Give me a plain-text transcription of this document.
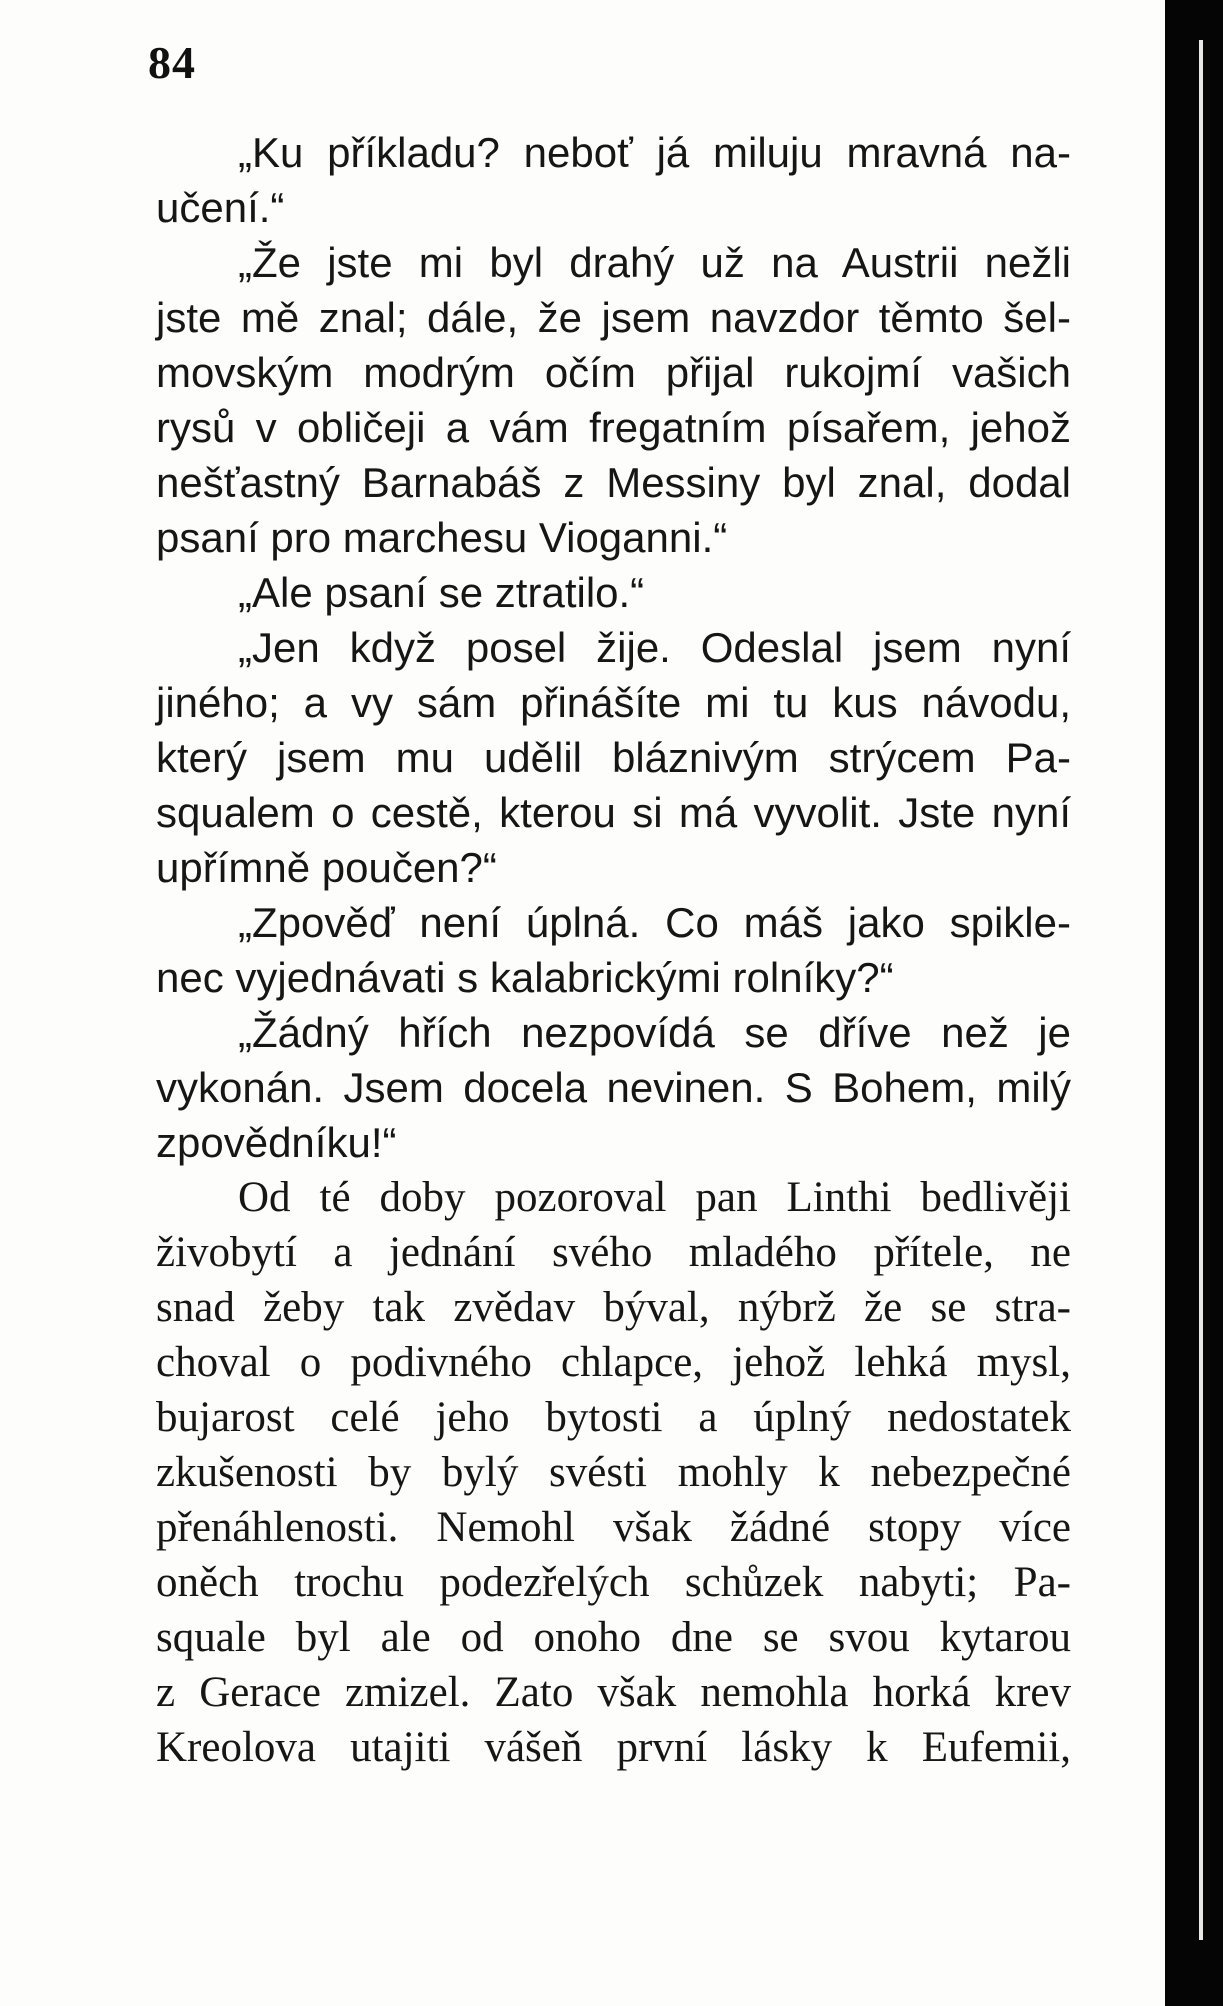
84
„Ku příkladu? neboť já miluju mravná na-
učení.“
„Že jste mi byl drahý už na Austrii nežli
jste mě znal; dále, že jsem navzdor těmto šel-
movským modrým očím přijal rukojmí vašich
rysů v obličeji a vám fregatním písařem, jehož
nešťastný Barnabáš z Messiny byl znal, dodal
psaní pro marchesu Vioganni.“
„Ale psaní se ztratilo.“
„Jen když posel žije. Odeslal jsem nyní
jiného; a vy sám přinášíte mi tu kus návodu,
který jsem mu udělil bláznivým strýcem Pa-
squalem o cestě, kterou si má vyvolit. Jste nyní
upřímně poučen?“
„Zpověď není úplná. Co máš jako spikle-
nec vyjednávati s kalabrickými rolníky?“
„Žádný hřích nezpovídá se dříve než je
vykonán. Jsem docela nevinen. S Bohem, milý
zpovědníku!“
Od té doby pozoroval pan Linthi bedlivěji
živobytí a jednání svého mladého přítele, ne
snad žeby tak zvědav býval, nýbrž že se stra-
choval o podivného chlapce, jehož lehká mysl,
bujarost celé jeho bytosti a úplný nedostatek
zkušenosti by bylý svésti mohly k nebezpečné
přenáhlenosti. Nemohl však žádné stopy více
oněch trochu podezřelých schůzek nabyti; Pa-
squale byl ale od onoho dne se svou kytarou
z Gerace zmizel. Zato však nemohla horká krev
Kreolova utajiti vášeň první lásky k Eufemii,
